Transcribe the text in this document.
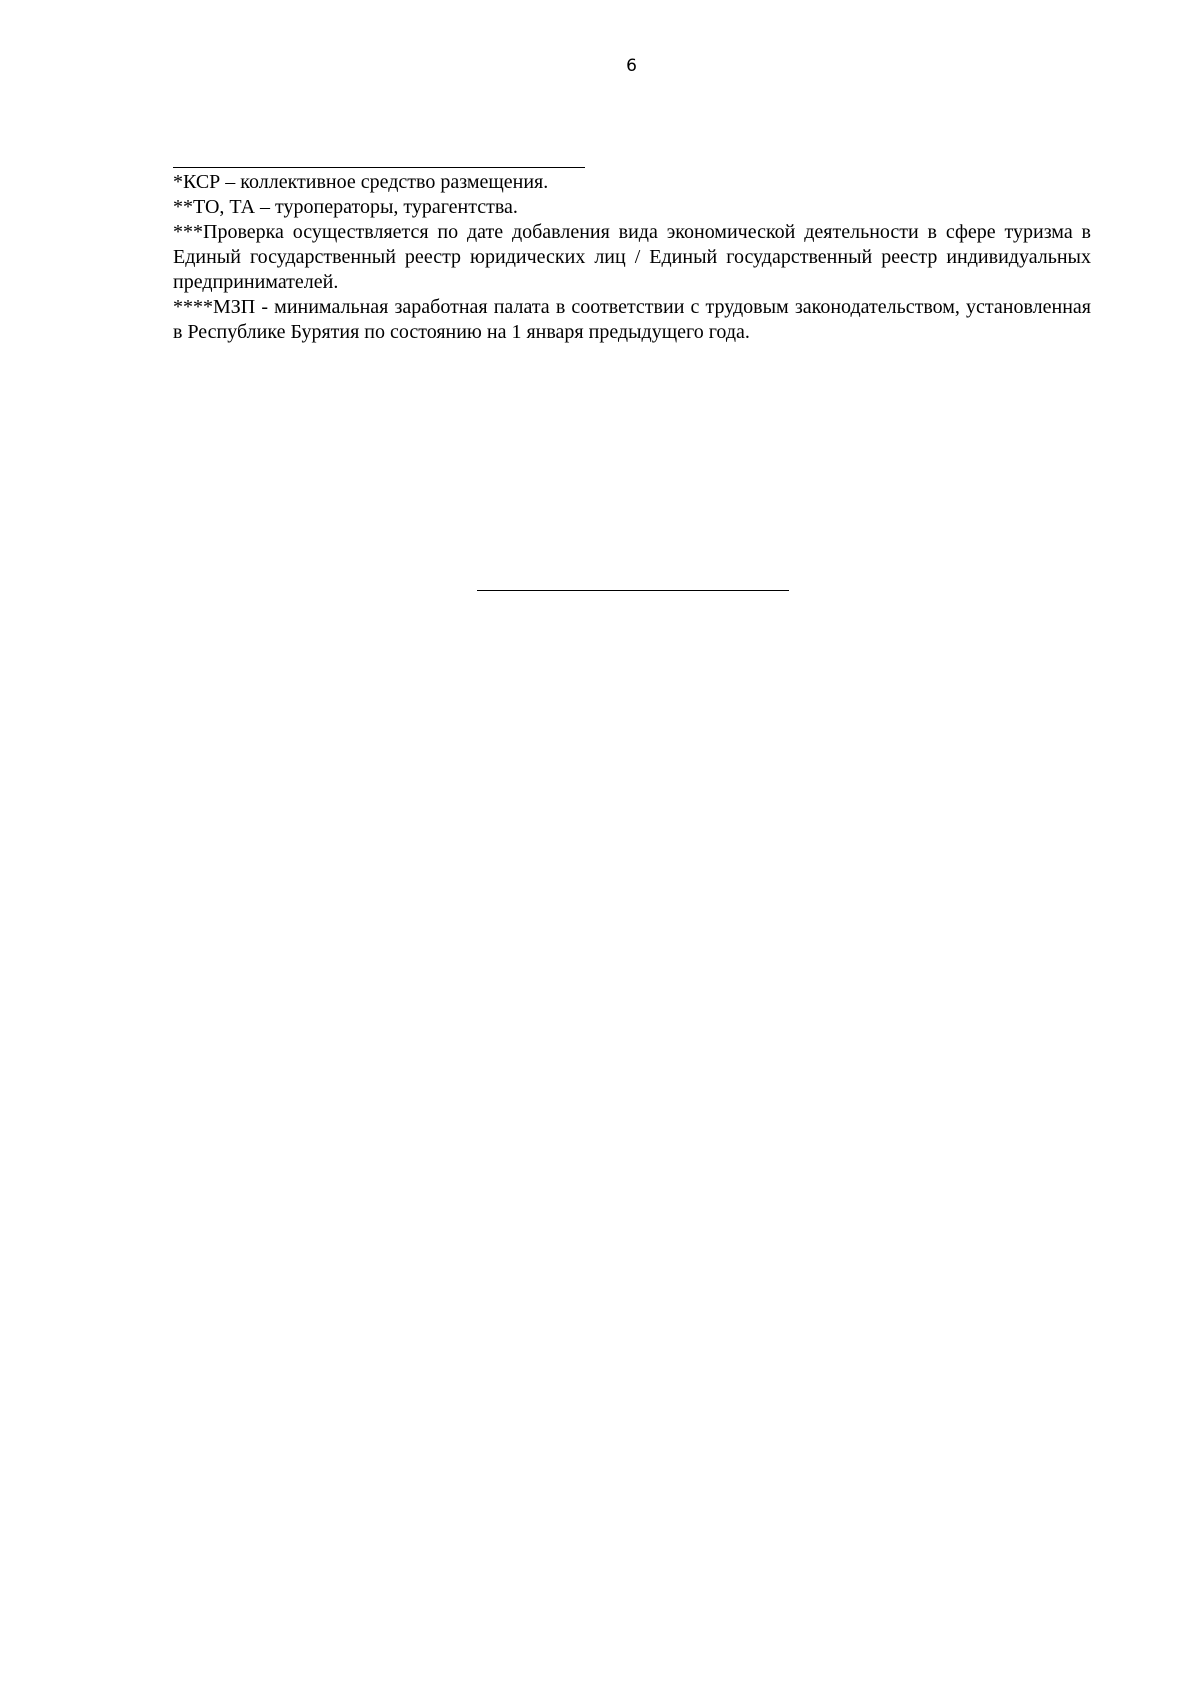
6

*КСР – коллективное средство размещения.

**ТО, ТА – туроператоры, турагентства.

***Проверка осуществляется по дате добавления вида экономической деятельности в сфере туризма в Единый государственный реестр юридических лиц / Единый государственный реестр индивидуальных предпринимателей.

****МЗП - минимальная заработная палата в соответствии с трудовым законодательством, установленная в Республике Бурятия по состоянию на 1 января предыдущего года.
